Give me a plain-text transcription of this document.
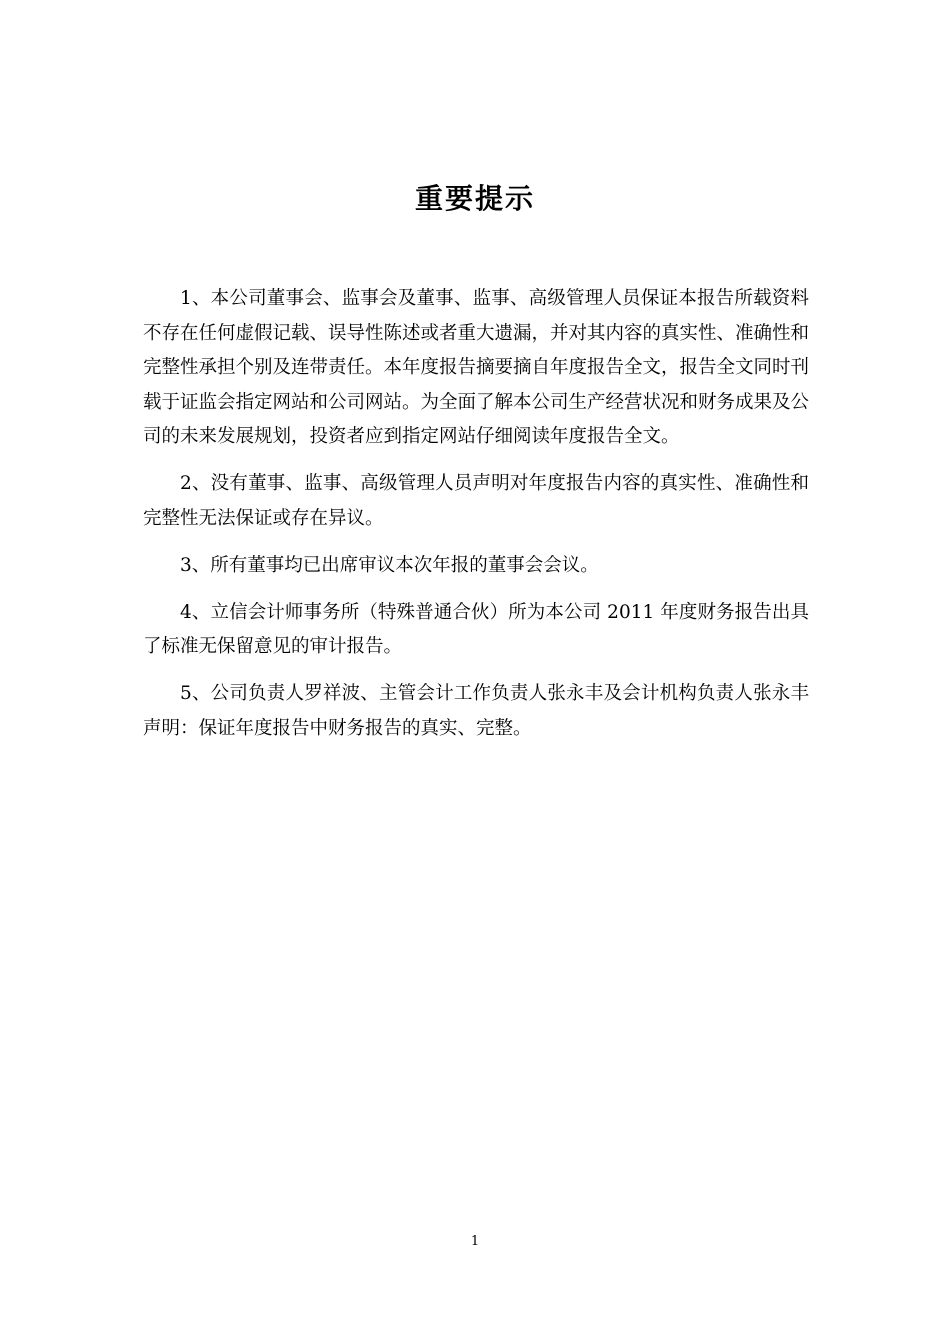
重要提示

1、本公司董事会、监事会及董事、监事、高级管理人员保证本报告所载资料不存在任何虚假记载、误导性陈述或者重大遗漏，并对其内容的真实性、准确性和完整性承担个别及连带责任。本年度报告摘要摘自年度报告全文，报告全文同时刊载于证监会指定网站和公司网站。为全面了解本公司生产经营状况和财务成果及公司的未来发展规划，投资者应到指定网站仔细阅读年度报告全文。

2、没有董事、监事、高级管理人员声明对年度报告内容的真实性、准确性和完整性无法保证或存在异议。

3、所有董事均已出席审议本次年报的董事会会议。

4、立信会计师事务所（特殊普通合伙）所为本公司 2011 年度财务报告出具了标准无保留意见的审计报告。

5、公司负责人罗祥波、主管会计工作负责人张永丰及会计机构负责人张永丰声明：保证年度报告中财务报告的真实、完整。

1
